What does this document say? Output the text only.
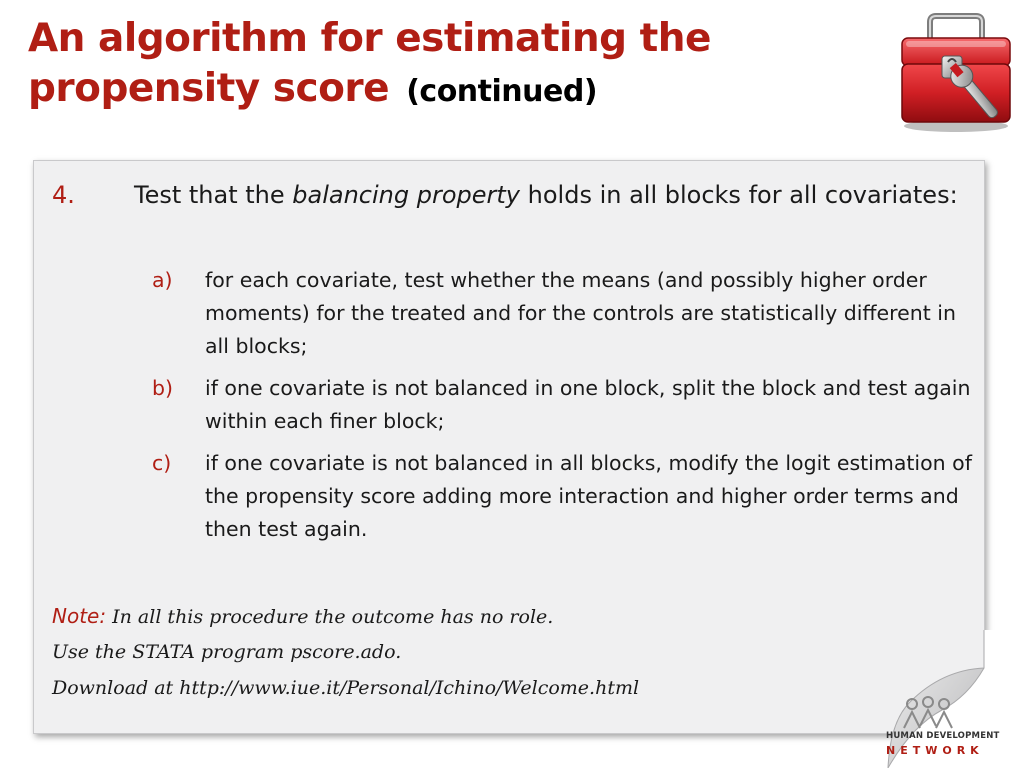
An algorithm for estimating the propensity score (continued)
4. Test that the balancing property holds in all blocks for all covariates:
a) for each covariate, test whether the means (and possibly higher order moments) for the treated and for the controls are statistically different in all blocks;
b) if one covariate is not balanced in one block, split the block and test again within each finer block;
c) if one covariate is not balanced in all blocks, modify the logit estimation of the propensity score adding more interaction and higher order terms and then test again.
Note: In all this procedure the outcome has no role.
Use the STATA program pscore.ado.
Download at http://www.iue.it/Personal/Ichino/Welcome.html
HUMAN DEVELOPMENT
NETWORK
